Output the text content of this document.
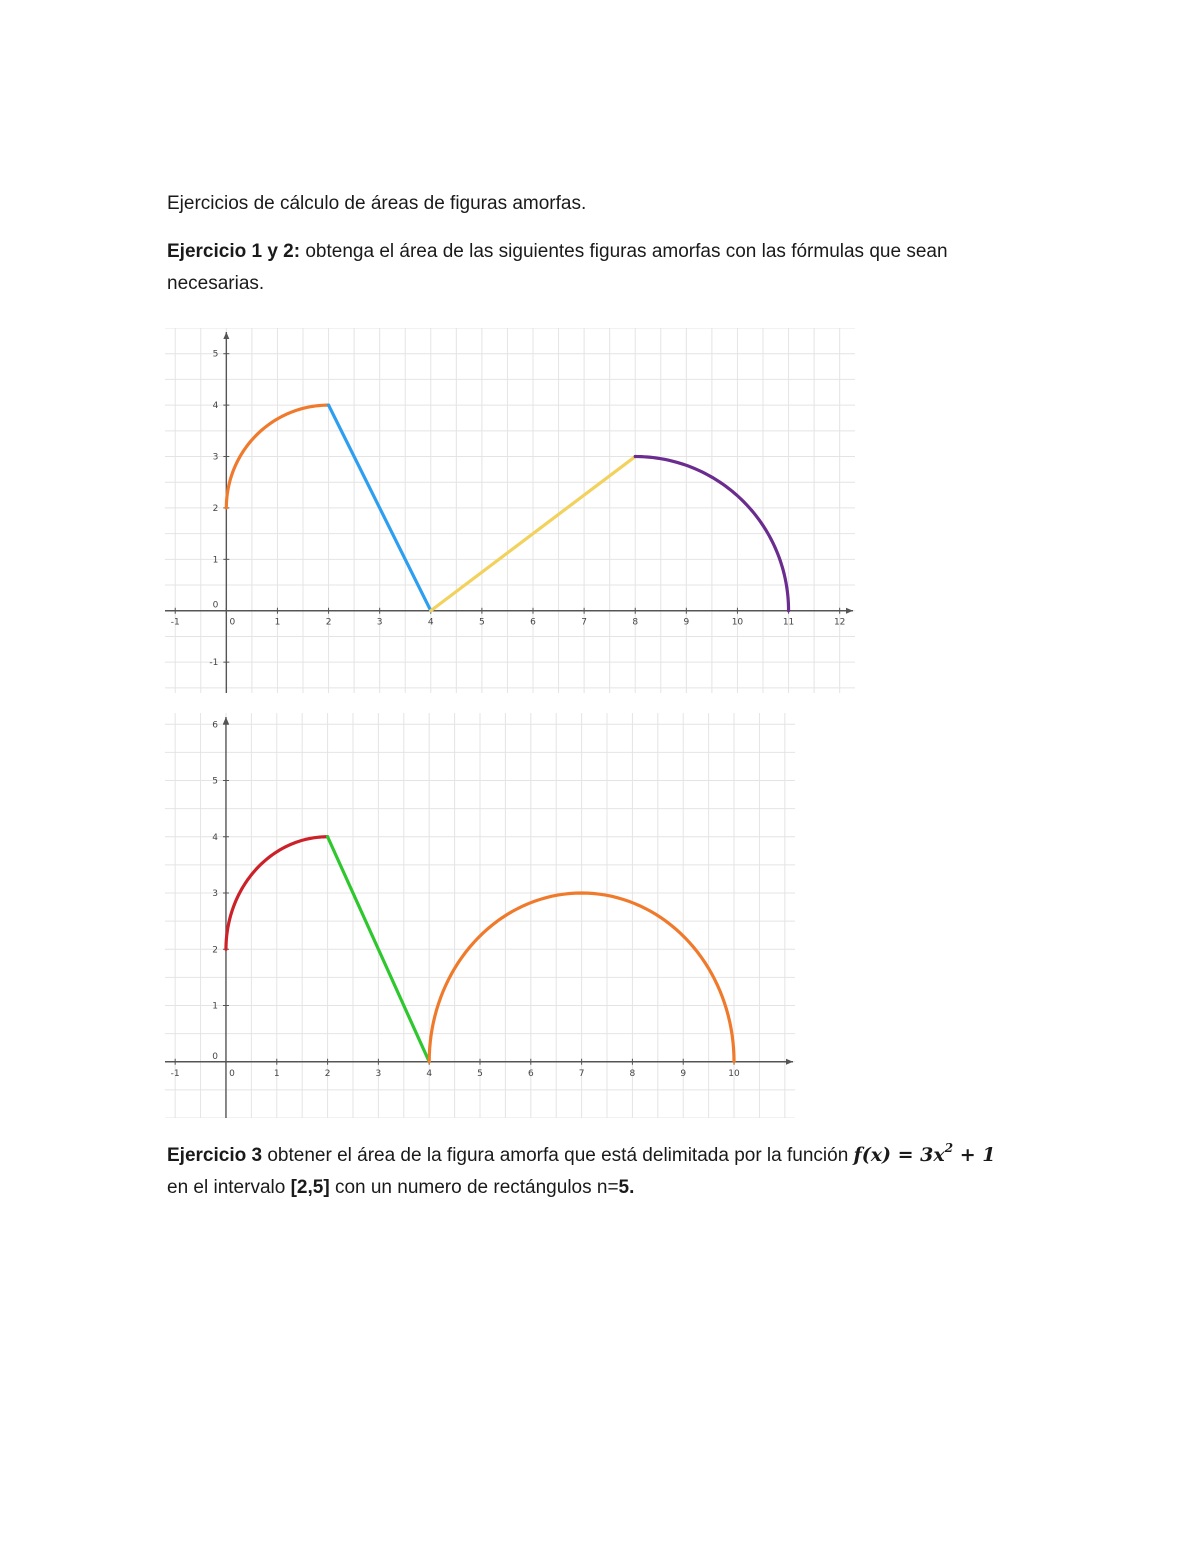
Ejercicios de cálculo de áreas de figuras amorfas.

Ejercicio 1 y 2: obtenga el área de las siguientes figuras amorfas con las fórmulas que sean necesarias.

-1	0	1	2	3	4	5	6	7	8	9	10	11	12
-1
0
1
2
3
4
5
-1	0	1	2	3	4	5	6	7	8	9	10
0
1
2
3
4
5
6

Ejercicio 3 obtener el área de la figura amorfa que está delimitada por la función $f(x) = 3x^2 + 1$
en el intervalo [2,5] con un numero de rectángulos n=5.
